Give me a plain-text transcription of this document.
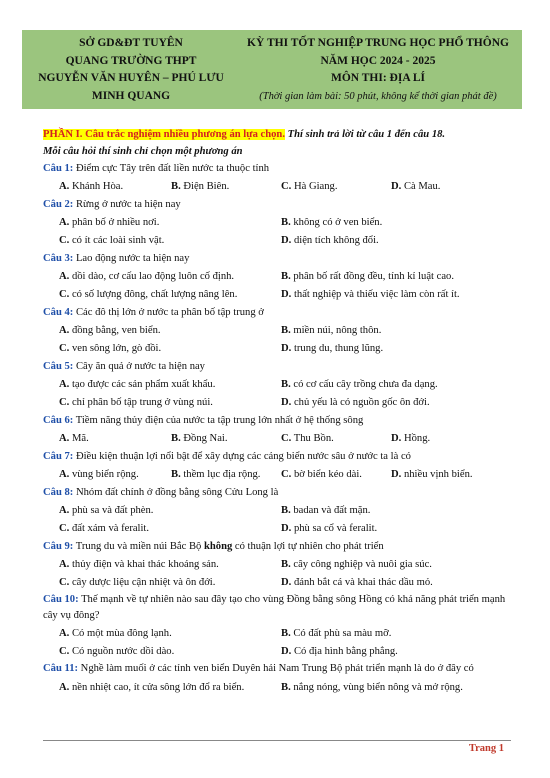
SỞ GD&ĐT TUYÊN
QUANG TRƯỜNG THPT
NGUYỄN VĂN HUYÊN – PHÚ LƯU
MINH QUANG
KỲ THI TỐT NGHIỆP TRUNG HỌC PHỔ THÔNG
NĂM HỌC 2024 - 2025
MÔN THI: ĐỊA LÍ
(Thời gian làm bài: 50 phút, không kể thời gian phát đề)
PHẦN I. Câu trắc nghiệm nhiều phương án lựa chọn. Thí sinh trả lời từ câu 1 đến câu 18.
Mỗi câu hỏi thí sinh chỉ chọn một phương án
Câu 1: Điểm cực Tây trên đất liền nước ta thuộc tỉnh
A. Khánh Hòa.	B. Điện Biên.	C. Hà Giang.	D. Cà Mau.
Câu 2: Rừng ở nước ta hiện nay
A. phân bố ở nhiều nơi.	B. không có ở ven biển.
C. có ít các loài sinh vật.	D. diện tích không đổi.
Câu 3: Lao động nước ta hiện nay
A. dồi dào, cơ cấu lao động luôn cố định.	B. phân bố rất đồng đều, tính kỉ luật cao.
C. có số lượng đông, chất lượng nâng lên.	D. thất nghiệp và thiếu việc làm còn rất ít.
Câu 4: Các đô thị lớn ở nước ta phân bố tập trung ở
A. đồng bằng, ven biển.	B. miền núi, nông thôn.
C. ven sông lớn, gò đồi.	D. trung du, thung lũng.
Câu 5: Cây ăn quả ở nước ta hiện nay
A. tạo được các sản phẩm xuất khẩu.	B. có cơ cấu cây trồng chưa đa dạng.
C. chỉ phân bố tập trung ở vùng núi.	D. chủ yếu là có nguồn gốc ôn đới.
Câu 6: Tiềm năng thủy điện của nước ta tập trung lớn nhất ở hệ thống sông
A. Mã.	B. Đồng Nai.	C. Thu Bồn.	D. Hồng.
Câu 7: Điều kiện thuận lợi nổi bật để xây dựng các cảng biển nước sâu ở nước ta là có
A. vùng biển rộng.	B. thềm lục địa rộng.	C. bờ biển kéo dài.	D. nhiều vịnh biển.
Câu 8: Nhóm đất chính ở đồng bằng sông Cửu Long là
A. phù sa và đất phèn.	B. badan và đất mặn.
C. đất xám và feralit.	D. phù sa cổ và feralit.
Câu 9: Trung du và miền núi Bắc Bộ không có thuận lợi tự nhiên cho phát triển
A. thủy điện và khai thác khoáng sản.	B. cây công nghiệp và nuôi gia súc.
C. cây dược liệu cận nhiệt và ôn đới.	D. đánh bắt cá và khai thác dầu mỏ.
Câu 10: Thế mạnh về tự nhiên nào sau đây tạo cho vùng Đồng bằng sông Hồng có khả năng phát triển mạnh cây vụ đông?
A. Có một mùa đông lạnh.	B. Có đất phù sa màu mỡ.
C. Có nguồn nước dồi dào.	D. Có địa hình bằng phẳng.
Câu 11: Nghề làm muối ở các tỉnh ven biển Duyên hải Nam Trung Bộ phát triển mạnh là do ở đây có
A. nền nhiệt cao, ít cửa sông lớn đổ ra biển.	B. nắng nóng, vùng biển nông và mở rộng.
Trang 1
